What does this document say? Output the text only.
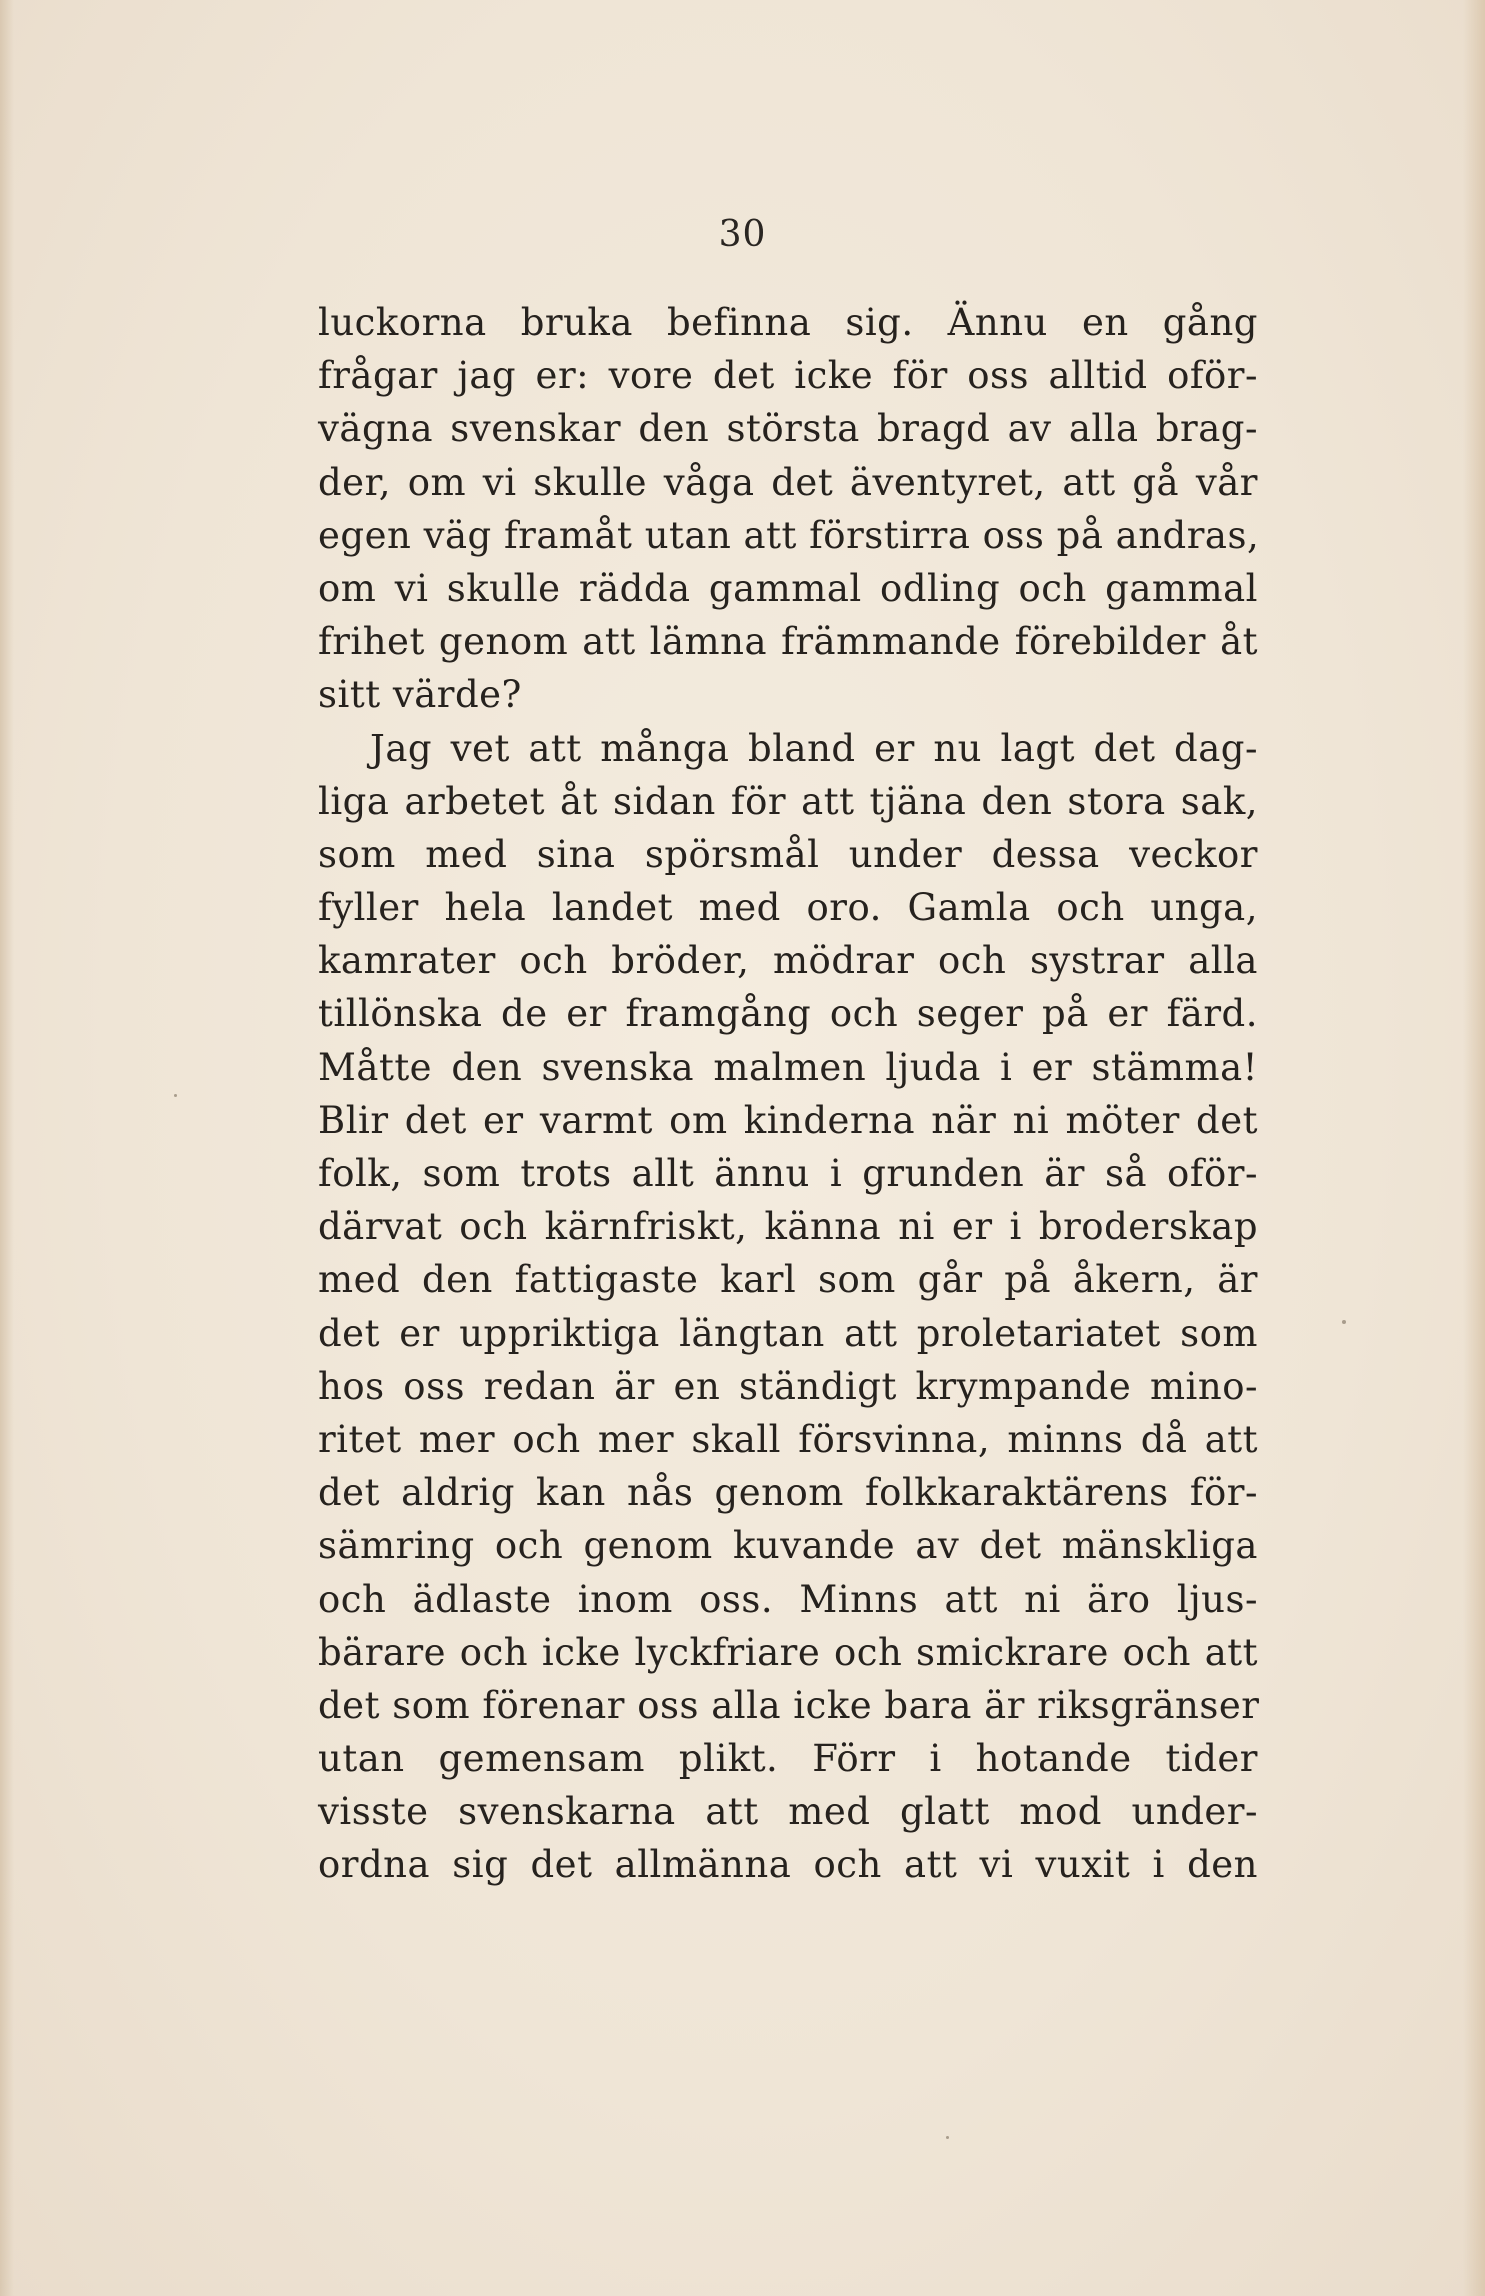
30
luckorna bruka befinna sig. Ännu en gång
frågar jag er: vore det icke för oss alltid oför-
vägna svenskar den största bragd av alla brag-
der, om vi skulle våga det äventyret, att gå vår
egen väg framåt utan att förstirra oss på andras,
om vi skulle rädda gammal odling och gammal
frihet genom att lämna främmande förebilder åt
sitt värde?
Jag vet att många bland er nu lagt det dag-
liga arbetet åt sidan för att tjäna den stora sak,
som med sina spörsmål under dessa veckor
fyller hela landet med oro. Gamla och unga,
kamrater och bröder, mödrar och systrar alla
tillönska de er framgång och seger på er färd.
Måtte den svenska malmen ljuda i er stämma!
Blir det er varmt om kinderna när ni möter det
folk, som trots allt ännu i grunden är så oför-
därvat och kärnfriskt, känna ni er i broderskap
med den fattigaste karl som går på åkern, är
det er uppriktiga längtan att proletariatet som
hos oss redan är en ständigt krympande mino-
ritet mer och mer skall försvinna, minns då att
det aldrig kan nås genom folkkaraktärens för-
sämring och genom kuvande av det mänskliga
och ädlaste inom oss. Minns att ni äro ljus-
bärare och icke lyckfriare och smickrare och att
det som förenar oss alla icke bara är riksgränser
utan gemensam plikt. Förr i hotande tider
visste svenskarna att med glatt mod under-
ordna sig det allmänna och att vi vuxit i den
